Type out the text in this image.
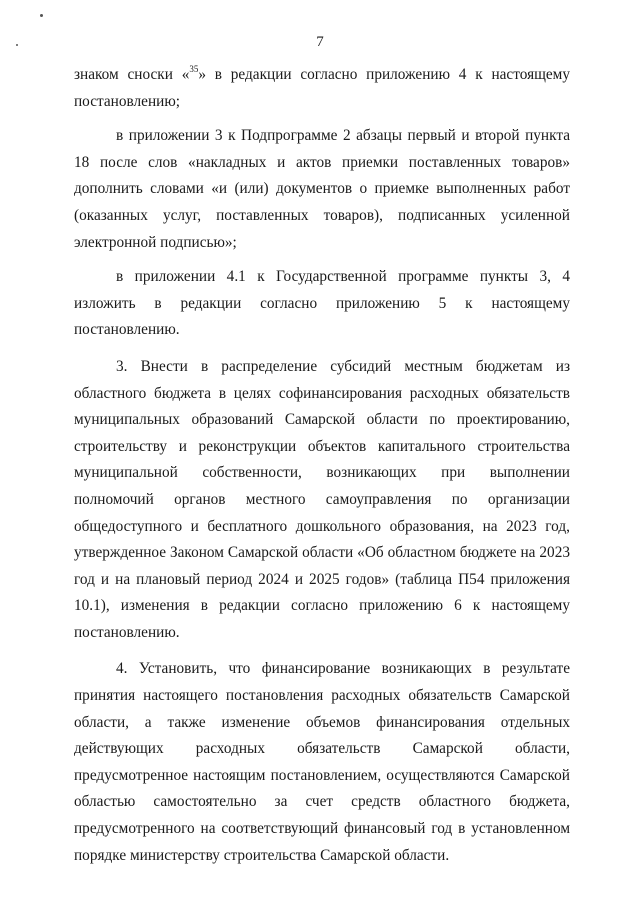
7

знаком сноски «$^{35}$» в редакции согласно приложению 4 к настоящему постановлению;

в приложении 3 к Подпрограмме 2 абзацы первый и второй пункта 18 после слов «накладных и актов приемки поставленных товаров» дополнить словами «и (или) документов о приемке выполненных работ (оказанных услуг, поставленных товаров), подписанных усиленной электронной подписью»;

в приложении 4.1 к Государственной программе пункты 3, 4 изложить в редакции согласно приложению 5 к настоящему постановлению.

3. Внести в распределение субсидий местным бюджетам из областного бюджета в целях софинансирования расходных обязательств муниципальных образований Самарской области по проектированию, строительству и реконструкции объектов капитального строительства муниципальной собственности, возникающих при выполнении полномочий органов местного самоуправления по организации общедоступного и бесплатного дошкольного образования, на 2023 год, утвержденное Законом Самарской области «Об областном бюджете на 2023 год и на плановый период 2024 и 2025 годов» (таблица П54 приложения 10.1), изменения в редакции согласно приложению 6 к настоящему постановлению.

4. Установить, что финансирование возникающих в результате принятия настоящего постановления расходных обязательств Самарской области, а также изменение объемов финансирования отдельных действующих расходных обязательств Самарской области, предусмотренное настоящим постановлением, осуществляются Самарской областью самостоятельно за счет средств областного бюджета, предусмотренного на соответствующий финансовый год в установленном порядке министерству строительства Самарской области.
